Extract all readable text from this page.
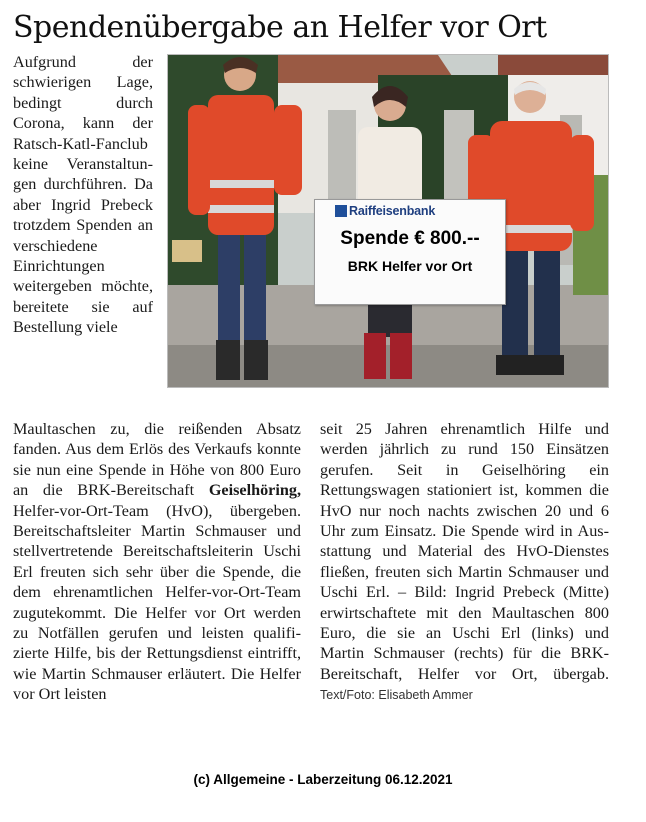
Spendenübergabe an Helfer vor Ort
Aufgrund der schwierigen Lage, bedingt durch Corona, kann der Ratsch-Katl-Fanclub keine Veranstaltungen durchführen. Da aber Ingrid Prebeck trotzdem Spenden an verschiedene Einrichtungen weitergeben möchte, bereitete sie auf Bestellung viele
Raiffeisenbank
Spende € 800.--
BRK Helfer vor Ort
Maultaschen zu, die reißenden Absatz fanden. Aus dem Erlös des Verkaufs konnte sie nun eine Spende in Höhe von 800 Euro an die BRK-Bereitschaft Geiselhöring, Helfer-vor-Ort-Team (HvO), übergeben. Bereitschaftsleiter Martin Schmauser und stellvertretende Bereitschaftsleiterin Uschi Erl freuten sich sehr über die Spende, die dem ehrenamtlichen Helfer-vor-Ort-Team zugutekommt. Die Helfer vor Ort werden zu Notfällen gerufen und leisten qualifizierte Hilfe, bis der Rettungsdienst eintrifft, wie Martin Schmauser erläutert. Die Helfer vor Ort leisten
seit 25 Jahren ehrenamtlich Hilfe und werden jährlich zu rund 150 Einsätzen gerufen. Seit in Geiselhöring ein Rettungswagen stationiert ist, kommen die HvO nur noch nachts zwischen 20 und 6 Uhr zum Einsatz. Die Spende wird in Ausstattung und Material des HvO-Dienstes fließen, freuten sich Martin Schmauser und Uschi Erl. – Bild: Ingrid Prebeck (Mitte) erwirtschaftete mit den Maultaschen 800 Euro, die sie an Uschi Erl (links) und Martin Schmauser (rechts) für die BRK-Bereitschaft, Helfer vor Ort, übergab. Text/Foto: Elisabeth Ammer
(c) Allgemeine - Laberzeitung 06.12.2021
